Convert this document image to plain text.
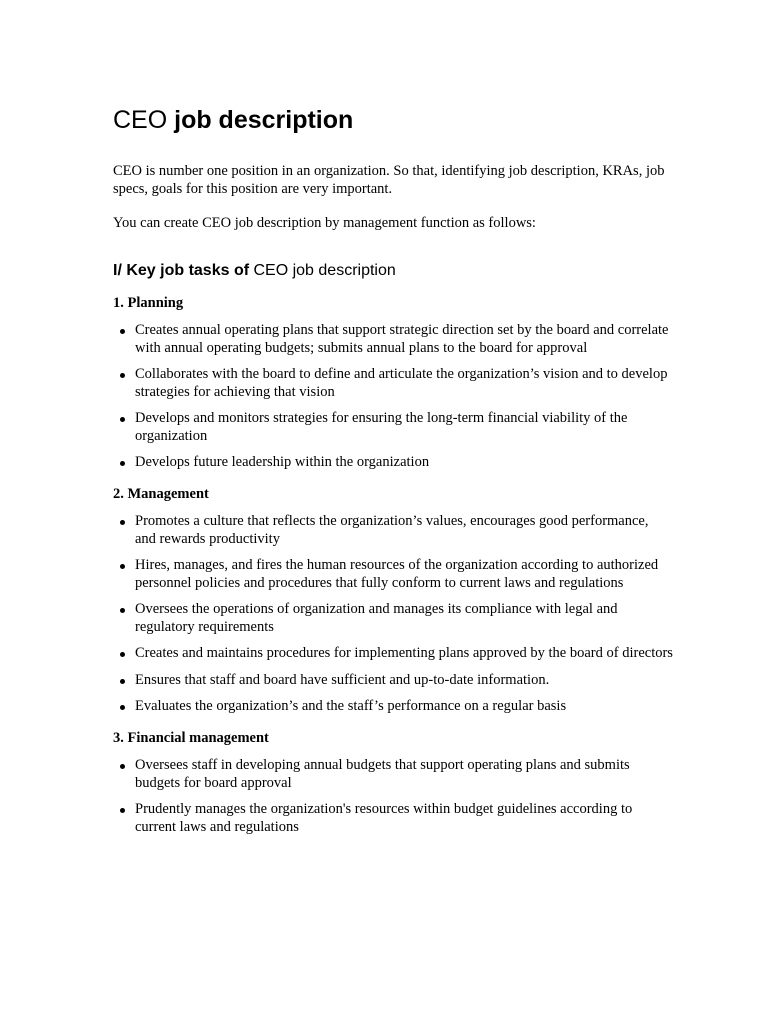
CEO job description

CEO is number one position in an organization. So that, identifying job description, KRAs, job specs, goals for this position are very important.

You can create CEO job description by management function as follows:

I/ Key job tasks of CEO job description
1. Planning
Creates annual operating plans that support strategic direction set by the board and correlate with annual operating budgets; submits annual plans to the board for approval
Collaborates with the board to define and articulate the organization’s vision and to develop strategies for achieving that vision
Develops and monitors strategies for ensuring the long-term financial viability of the organization
Develops future leadership within the organization
2. Management
Promotes a culture that reflects the organization’s values, encourages good performance, and rewards productivity
Hires, manages, and fires the human resources of the organization according to authorized personnel policies and procedures that fully conform to current laws and regulations
Oversees the operations of organization and manages its compliance with legal and regulatory requirements
Creates and maintains procedures for implementing plans approved by the board of directors
Ensures that staff and board have sufficient and up-to-date information.
Evaluates the organization’s and the staff’s performance on a regular basis
3. Financial management
Oversees staff in developing annual budgets that support operating plans and submits budgets for board approval
Prudently manages the organization's resources within budget guidelines according to current laws and regulations
